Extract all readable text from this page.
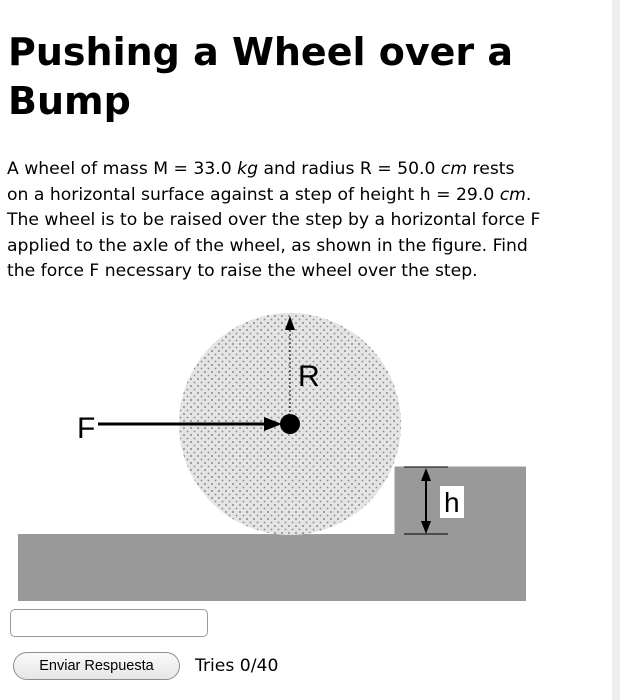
Pushing a Wheel over a Bump

A wheel of mass M = 33.0 kg and radius R = 50.0 cm rests
on a horizontal surface against a step of height h = 29.0 cm.
The wheel is to be raised over the step by a horizontal force F
applied to the axle of the wheel, as shown in the figure. Find
the force F necessary to raise the wheel over the step.

R
F
h
Enviar Respuesta	Tries 0/40
